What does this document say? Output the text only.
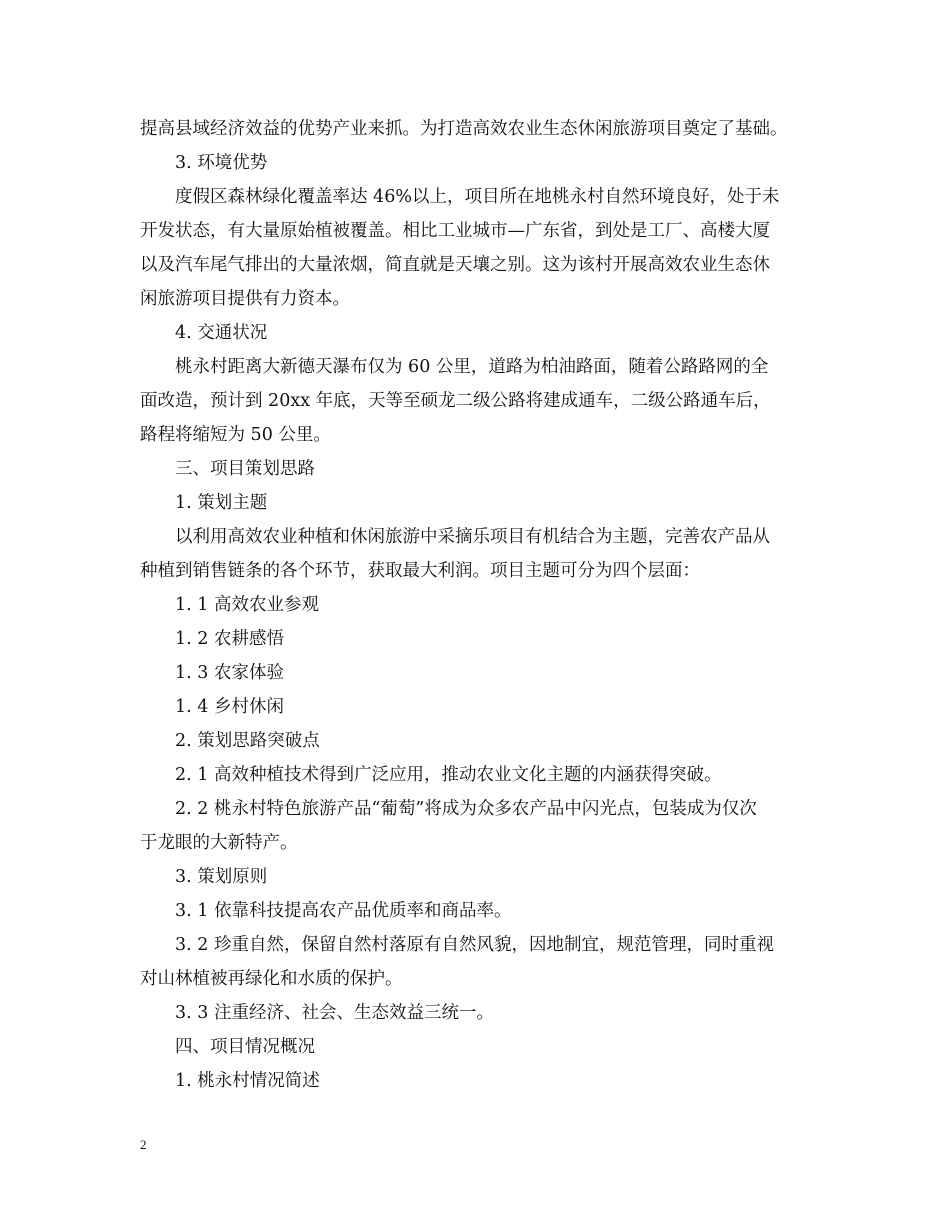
提高县域经济效益的优势产业来抓。为打造高效农业生态休闲旅游项目奠定了基础。
3. 环境优势
度假区森林绿化覆盖率达 46%以上，项目所在地桃永村自然环境良好，处于未
开发状态，有大量原始植被覆盖。相比工业城市—广东省，到处是工厂、高楼大厦
以及汽车尾气排出的大量浓烟，简直就是天壤之别。这为该村开展高效农业生态休
闲旅游项目提供有力资本。
4. 交通状况
桃永村距离大新德天瀑布仅为 60 公里，道路为柏油路面，随着公路路网的全
面改造，预计到 20xx 年底，天等至硕龙二级公路将建成通车，二级公路通车后，
路程将缩短为 50 公里。
三、项目策划思路
1. 策划主题
以利用高效农业种植和休闲旅游中采摘乐项目有机结合为主题，完善农产品从
种植到销售链条的各个环节，获取最大利润。项目主题可分为四个层面：
1. 1 高效农业参观
1. 2 农耕感悟
1. 3 农家体验
1. 4 乡村休闲
2. 策划思路突破点
2. 1 高效种植技术得到广泛应用，推动农业文化主题的内涵获得突破。
2. 2 桃永村特色旅游产品“葡萄”将成为众多农产品中闪光点，包装成为仅次
于龙眼的大新特产。
3. 策划原则
3. 1 依靠科技提高农产品优质率和商品率。
3. 2 珍重自然，保留自然村落原有自然风貌，因地制宜，规范管理，同时重视
对山林植被再绿化和水质的保护。
3. 3 注重经济、社会、生态效益三统一。
四、项目情况概况
1. 桃永村情况简述
2
